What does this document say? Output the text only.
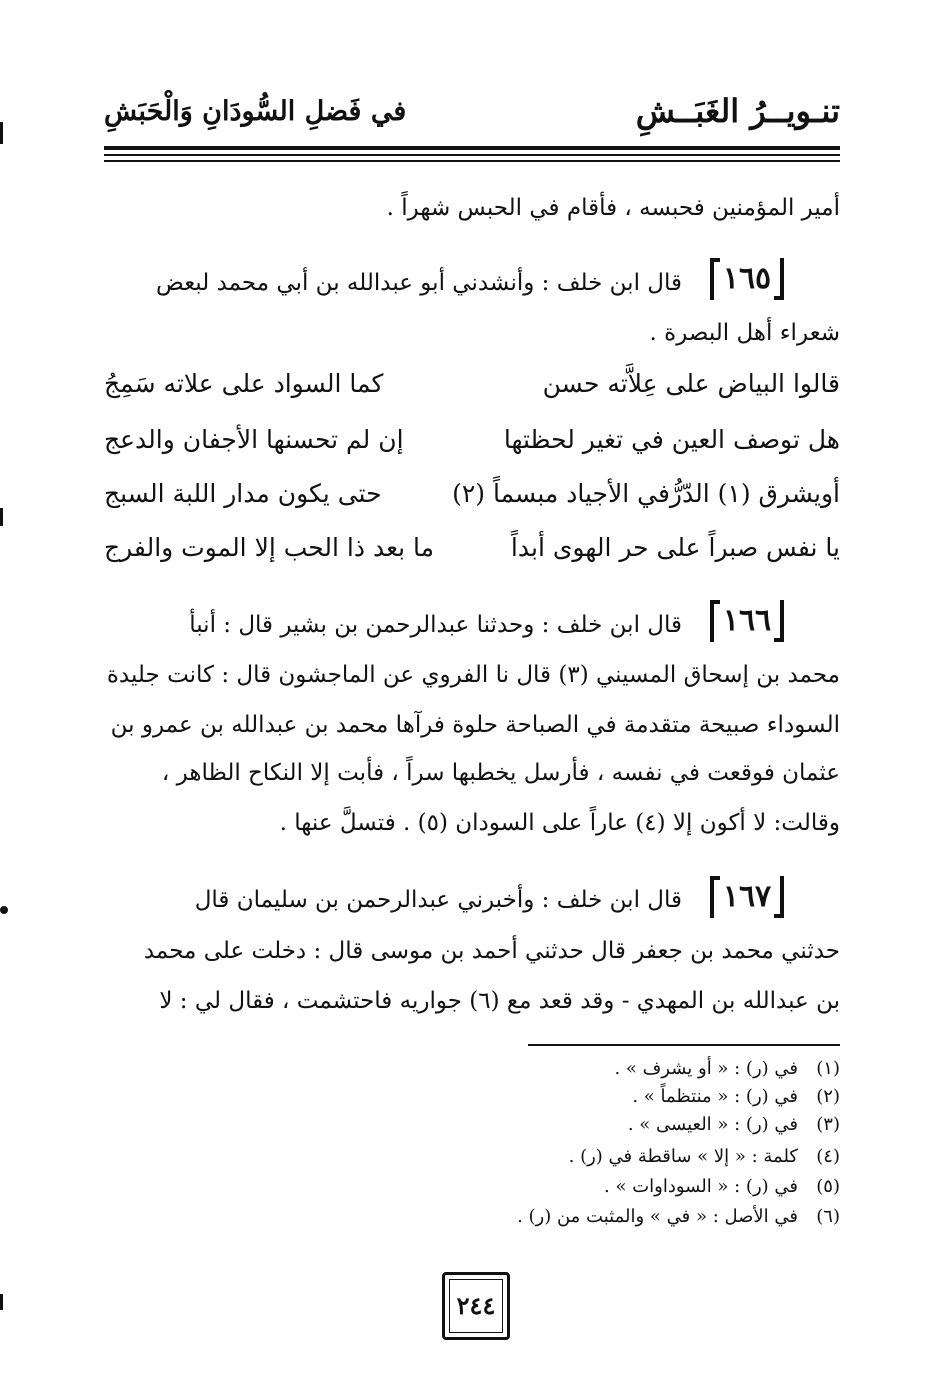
تنـويــرُ الغَبَــشِ
في فَضلِ السُّودَانِ وَالْحَبَشِ
أمير المؤمنين فحبسه ، فأقام في الحبس شهراً .
١٦٥
قال ابن خلف : وأنشدني أبو عبدالله بن أبي محمد لبعض
شعراء أهل البصرة .
قالوا البياض على عِلاَّته حسن
كما السواد على علاته سَمِجُ
هل توصف العين في تغير لحظتها
إن لم تحسنها الأجفان والدعج
أويشرق (١) الدّرُّفي الأجياد مبسماً (٢)
حتى يكون مدار اللبة السبج
يا نفس صبراً على حر الهوى أبداً
ما بعد ذا الحب إلا الموت والفرج
١٦٦
قال ابن خلف : وحدثنا عبدالرحمن بن بشير قال : أنبأ
محمد بن إسحاق المسيني (٣) قال نا الفروي عن الماجشون قال : كانت جليدة
السوداء صبيحة متقدمة في الصباحة حلوة فرآها محمد بن عبدالله بن عمرو بن
عثمان فوقعت في نفسه ، فأرسل يخطبها سراً ، فأبت إلا النكاح الظاهر ،
وقالت: لا أكون إلا (٤) عاراً على السودان (٥) . فتسلَّ عنها .
١٦٧
قال ابن خلف : وأخبرني عبدالرحمن بن سليمان قال
حدثني محمد بن جعفر قال حدثني أحمد بن موسى قال : دخلت على محمد
بن عبدالله بن المهدي - وقد قعد مع (٦) جواريه فاحتشمت ، فقال لي : لا
(١)في (ر) : « أو يشرف » .
(٢)في (ر) : « منتظماً » .
(٣)في (ر) : « العيسى » .
(٤)كلمة : « إلا » ساقطة في (ر) .
(٥)في (ر) : « السوداوات » .
(٦)في الأصل : « في » والمثبت من (ر) .
٢٤٤
